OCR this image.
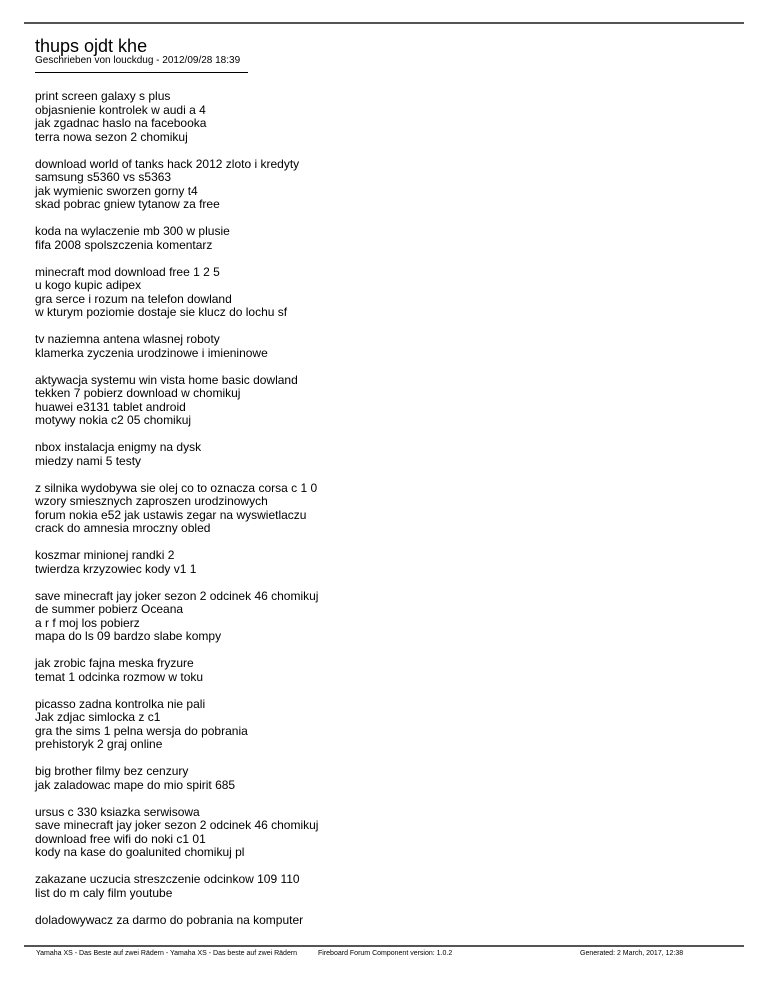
thups ojdt khe
Geschrieben von louckdug - 2012/09/28 18:39
print screen galaxy s plus
objasnienie kontrolek w audi a 4
jak zgadnac haslo na facebooka
terra nowa sezon 2 chomikuj
download world of tanks hack 2012 zloto i kredyty
samsung s5360 vs s5363
jak wymienic sworzen gorny t4
skad pobrac gniew tytanow za free
koda na wylaczenie mb 300 w plusie
fifa 2008 spolszczenia komentarz
minecraft mod download free 1 2 5
u kogo kupic adipex
gra serce i rozum na telefon dowland
w kturym poziomie dostaje sie klucz do lochu sf
tv naziemna antena wlasnej roboty
klamerka zyczenia urodzinowe i imieninowe
aktywacja systemu win vista home basic dowland
tekken 7 pobierz download w chomikuj
huawei e3131 tablet android
motywy nokia c2 05 chomikuj
nbox instalacja enigmy na dysk
miedzy nami 5 testy
z silnika wydobywa sie olej co to oznacza corsa c 1 0
wzory smiesznych zaproszen urodzinowych
forum nokia e52 jak ustawis zegar na wyswietlaczu
crack do amnesia mroczny obled
koszmar minionej randki 2
twierdza krzyzowiec kody v1 1
save minecraft jay joker sezon 2 odcinek 46 chomikuj
de summer pobierz Oceana
a r f moj los pobierz
mapa do ls 09 bardzo slabe kompy
jak zrobic fajna meska fryzure
temat 1 odcinka rozmow w toku
picasso zadna kontrolka nie pali
Jak zdjac simlocka z c1
gra the sims 1 pelna wersja do pobrania
prehistoryk 2 graj online
big brother filmy bez cenzury
jak zaladowac mape do mio spirit 685
ursus c 330 ksiazka serwisowa
save minecraft jay joker sezon 2 odcinek 46 chomikuj
download free wifi do noki c1 01
kody na kase do goalunited chomikuj pl
zakazane uczucia streszczenie odcinkow 109 110
list do m caly film youtube
doladowywacz za darmo do pobrania na komputer
Yamaha XS - Das Beste auf zwei Rädern - Yamaha XS - Das beste auf zwei Rädern	Fireboard Forum Component version: 1.0.2	Generated: 2 March, 2017, 12:38
